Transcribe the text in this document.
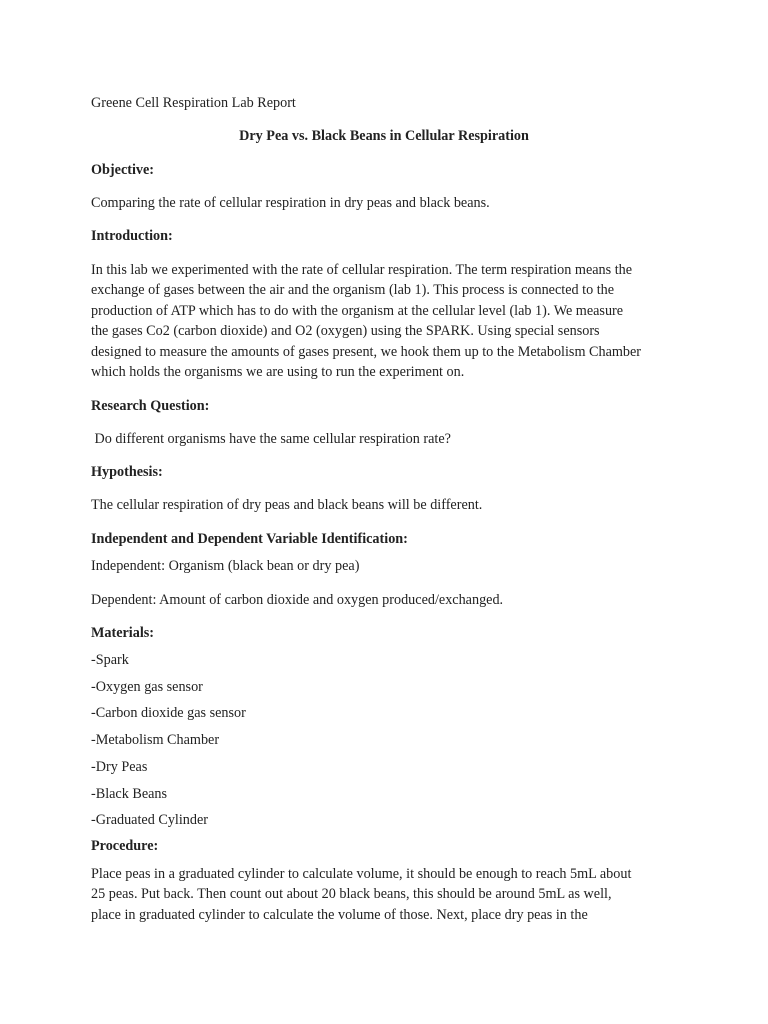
Greene Cell Respiration Lab Report
Dry Pea vs. Black Beans in Cellular Respiration
Objective:
Comparing the rate of cellular respiration in dry peas and black beans.
Introduction:
In this lab we experimented with the rate of cellular respiration. The term respiration means the
exchange of gases between the air and the organism (lab 1). This process is connected to the
production of ATP which has to do with the organism at the cellular level (lab 1). We measure
the gases Co2 (carbon dioxide) and O2 (oxygen) using the SPARK. Using special sensors
designed to measure the amounts of gases present, we hook them up to the Metabolism Chamber
which holds the organisms we are using to run the experiment on.
Research Question:
Do different organisms have the same cellular respiration rate?
Hypothesis:
The cellular respiration of dry peas and black beans will be different.
Independent and Dependent Variable Identification:
Independent: Organism (black bean or dry pea)
Dependent: Amount of carbon dioxide and oxygen produced/exchanged.
Materials:
-Spark
-Oxygen gas sensor
-Carbon dioxide gas sensor
-Metabolism Chamber
-Dry Peas
-Black Beans
-Graduated Cylinder
Procedure:
Place peas in a graduated cylinder to calculate volume, it should be enough to reach 5mL about
25 peas. Put back. Then count out about 20 black beans, this should be around 5mL as well,
place in graduated cylinder to calculate the volume of those. Next, place dry peas in the
